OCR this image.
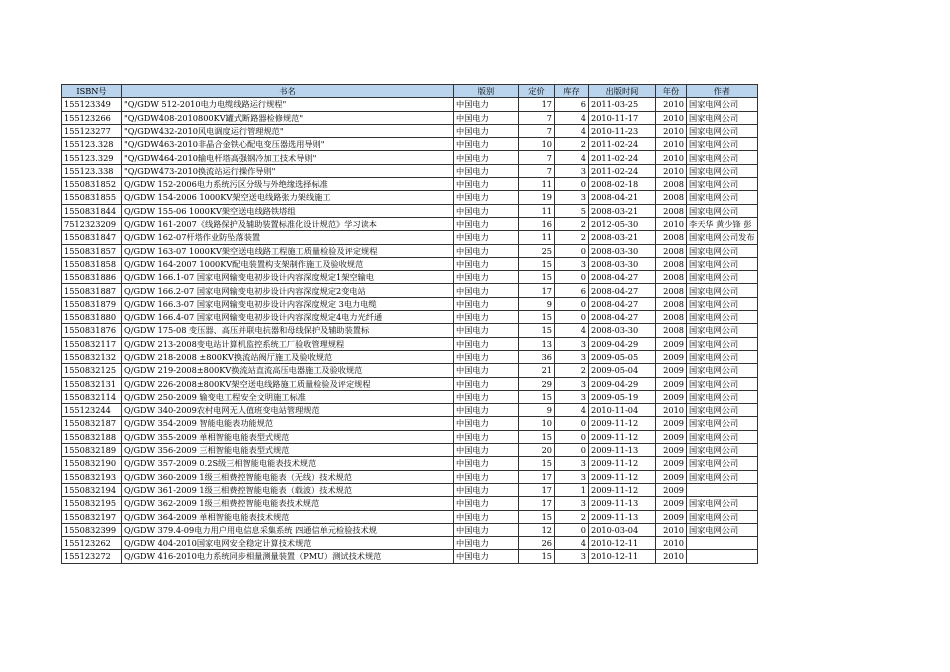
ISBN号	书名	版别	定价	库存	出版时间	年份	作者
155123349	"Q/GDW 512-2010电力电缆线路运行规程"	中国电力	17	6	2011-03-25	2010	国家电网公司
155123266	"Q/GDW408-2010800KV罐式断路器检修规范"	中国电力	7	4	2010-11-17	2010	国家电网公司
155123277	"Q/GDW432-2010风电调度运行管理规范"	中国电力	7	4	2010-11-23	2010	国家电网公司
155123.328	"Q/GDW463-2010非晶合金铁心配电变压器选用导则"	中国电力	10	2	2011-02-24	2010	国家电网公司
155123.329	"Q/GDW464-2010输电杆塔高强钢冷加工技术导则"	中国电力	7	4	2011-02-24	2010	国家电网公司
155123.338	"Q/GDW473-2010换流站运行操作导则"	中国电力	7	3	2011-02-24	2010	国家电网公司
1550831852	Q/GDW 152-2006电力系统污区分级与外绝缘选择标准	中国电力	11	0	2008-02-18	2008	国家电网公司
1550831855	Q/GDW 154-2006 1000KV架空送电线路张力架线施工	中国电力	19	3	2008-04-21	2008	国家电网公司
1550831844	Q/GDW 155-06 1000KV架空送电线路铁塔组	中国电力	11	5	2008-03-21	2008	国家电网公司
7512323209	Q/GDW 161-2007《线路保护及辅助装置标准化设计规范》学习读本	中国电力	16	2	2012-05-30	2010	李天华 黄少锋 彭
1550831847	Q/GDW 162-07杆塔作业防坠落装置	中国电力	11	2	2008-03-21	2008	国家电网公司发布
1550831857	Q/GDW 163-07 1000KV架空送电线路工程施工质量检验及评定规程	中国电力	25	0	2008-03-30	2008	国家电网公司
1550831858	Q/GDW 164-2007 1000KV配电装置构支架制作施工及验收规范	中国电力	15	3	2008-03-30	2008	国家电网公司
1550831886	Q/GDW 166.1-07 国家电网输变电初步设计内容深度规定1架空输电	中国电力	15	0	2008-04-27	2008	国家电网公司
1550831887	Q/GDW 166.2-07 国家电网输变电初步设计内容深度规定2变电站	中国电力	17	6	2008-04-27	2008	国家电网公司
1550831879	Q/GDW 166.3-07 国家电网输变电初步设计内容深度规定 3电力电缆	中国电力	9	0	2008-04-27	2008	国家电网公司
1550831880	Q/GDW 166.4-07 国家电网输变电初步设计内容深度规定4电力光纤通	中国电力	15	0	2008-04-27	2008	国家电网公司
1550831876	Q/GDW 175-08 变压器、高压并联电抗器和母线保护及辅助装置标	中国电力	15	4	2008-03-30	2008	国家电网公司
1550832117	Q/GDW 213-2008变电站计算机监控系统工厂验收管理规程	中国电力	13	3	2009-04-29	2009	国家电网公司
1550832132	Q/GDW 218-2008 ±800KV换流站阀厅施工及验收规范	中国电力	36	3	2009-05-05	2009	国家电网公司
1550832125	Q/GDW 219-2008±800KV换流站直流高压电器施工及验收规范	中国电力	21	2	2009-05-04	2009	国家电网公司
1550832131	Q/GDW 226-2008±800KV架空送电线路施工质量检验及评定规程	中国电力	29	3	2009-04-29	2009	国家电网公司
1550832114	Q/GDW 250-2009 输变电工程安全文明施工标准	中国电力	15	3	2009-05-19	2009	国家电网公司
155123244	Q/GDW 340-2009农村电网无人值班变电站管理规范	中国电力	9	4	2010-11-04	2010	国家电网公司
1550832187	Q/GDW 354-2009 智能电能表功能规范	中国电力	10	0	2009-11-12	2009	国家电网公司
1550832188	Q/GDW 355-2009 单相智能电能表型式规范	中国电力	15	0	2009-11-12	2009	国家电网公司
1550832189	Q/GDW 356-2009 三相智能电能表型式规范	中国电力	20	0	2009-11-13	2009	国家电网公司
1550832190	Q/GDW 357-2009 0.2S级三相智能电能表技术规范	中国电力	15	3	2009-11-12	2009	国家电网公司
1550832193	Q/GDW 360-2009 1级三相费控智能电能表（无线）技术规范	中国电力	17	3	2009-11-12	2009	国家电网公司
1550832194	Q/GDW 361-2009 1级三相费控智能电能表（载波）技术规范	中国电力	17	1	2009-11-12	2009	
1550832195	Q/GDW 362-2009 1级三相费控智能电能表技术规范	中国电力	17	3	2009-11-13	2009	国家电网公司
1550832197	Q/GDW 364-2009 单相智能电能表技术规范	中国电力	15	2	2009-11-13	2009	国家电网公司
1550832399	Q/GDW 379.4-09电力用户用电信息采集系统 四通信单元检验技术规	中国电力	12	0	2010-03-04	2010	国家电网公司
155123262	Q/GDW 404-2010国家电网安全稳定计算技术规范	中国电力	26	4	2010-12-11	2010	
155123272	Q/GDW 416-2010电力系统同步相量测量装置（PMU）测试技术规范	中国电力	15	3	2010-12-11	2010	
